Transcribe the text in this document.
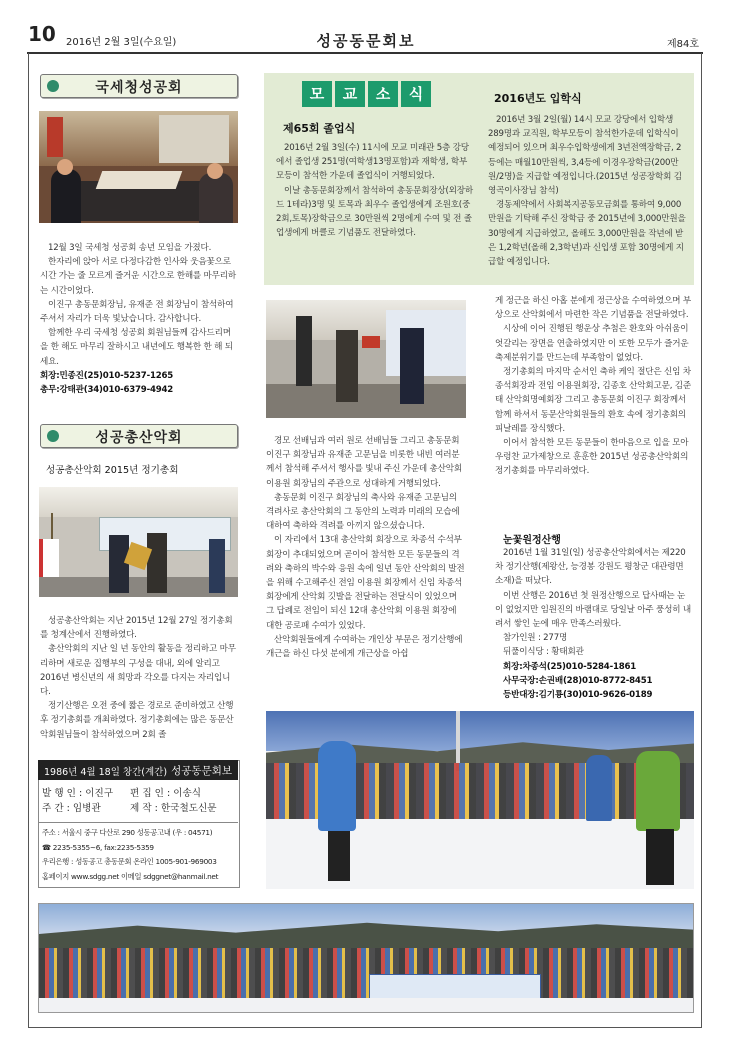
10 2016년 2월 3일(수요일)	성공동문회보	제84호
국세청성공회

12월 3일 국세청 성공회 송년 모임을 가졌다.

한자리에 앉아 서로 다정다감한 인사와 웃음꽃으로 시간 가는 줄 모르게 즐거운 시간으로 한해를 마무리하는 시간이었다.

이진구 총동문회장님, 유재준 전 회장님이 참석하여 주셔서 자리가 더욱 빛났습니다. 감사합니다.

함께한 우리 국세청 성공회 회원님들께 감사드리며 을 한 해도 마무리 잘하시고 내년에도 행복한 한 해 되세요.

회장:민종진(25)010-5237-1265
총무:강태관(34)010-6379-4942
성공총산악회
성공총산악회 2015년 정기총회

성공총산악회는 지난 2015년 12월 27일 정기총회를 청계산에서 진행하였다.

총산악회의 지난 일 년 동안의 활동을 정리하고 마무리하며 새로운 집행부의 구성을 대내, 외에 알리고 2016년 병신년의 새 희망과 각오를 다지는 자리입니다.

정기산행은 오전 중에 짧은 경로로 준비하였고 산행 후 정기총회를 개최하였다. 정기총회에는 많은 동문산악회원님들이 참석하였으며 2회 졸

1986년 4월 18일 창간(계간) 성공동문회보
발 행 인 : 이진구 편 집 인 : 이송식
주 간 : 임병관	제 작 : 한국철도신문
주소 : 서울시 중구 다산로 290 성동공고내 (우 : 04571)
☎ 2235-5355~6, fax:2235-5359
우리은행 : 성동공고 총동문회 온라인 1005-901-969003
홈페이지 www.sdgg.net 이메일 sdggnet@hanmail.net
모	교	소	식
제65회 졸업식

2016년 2월 3일(수) 11시에 모교 미래관 5층 강당에서 졸업생 251명(여학생13명포함)과 재학생, 학부모등이 참석한 가운데 졸업식이 거행되었다.

이날 총동문회장께서 참석하여 총동문회장상(외장하드 1테라)3명 및 토목과 최우수 졸업생에게 조원호(중2회,토목)장학금으로 30만원씩 2명에게 수여 및 전 졸업생에게 버클로 기념품도 전달하였다.

2016년도 입학식

2016년 3월 2일(월) 14시 모교 강당에서 입학생 289명과 교직원, 학부모등이 참석한가운데 입학식이 예정되어 있으며 최우수입학생에게 3년전액장학금, 2등에는 매월10만원씩, 3,4등에 이경우장학금(200만원/2명)을 지급할 예정입니다.(2015년 성공장학회 김영곡이사장님 참석)

경동제약에서 사회복지공동모금회를 통하여 9,000만원을 기탁해 주신 장학금 중 2015년에 3,000만원을 30명에게 지급하였고, 올해도 3,000만원을 작년에 받은 1,2학년(올해 2,3학년)과 신입생 포함 30명에게 지급할 예정입니다.

경모 선배님과 여러 원로 선배님들 그리고 총동문회 이진구 회장님과 유재준 고문님을 비롯한 내빈 여러분께서 참석해 주셔서 행사를 빛내 주신 가운데 총산악회 이용원 회장님의 주관으로 성대하게 거행되었다.

총동문회 이진구 회장님의 축사와 유재준 고문님의 격려사로 총산악회의 그 동안의 노력과 미래의 모습에 대하여 축하와 격려를 아끼지 않으셨습니다.

이 자리에서 13대 총산악회 회장으로 차종석 수석부회장이 추대되었으며 곧이어 참석한 모든 동문들의 격려와 축하의 박수와 응원 속에 일년 동안 산악회의 발전을 위해 수고해주신 전임 이용원 회장께서 신임 차종석 회장에게 산악회 깃발을 전달하는 전달식이 있었으며 그 답례로 전임이 되신 12대 총산악회 이용원 회장에 대한 공로패 수여가 있었다.

산악회원들에게 수여하는 개인상 부문은 정기산행에 개근을 하신 다섯 분에게 개근상을 아쉽

게 정근을 하신 아홉 분에게 정근상을 수여하였으며 부상으로 산악회에서 마련한 작은 기념품을 전달하였다.

시상에 이어 진행된 행운상 추첨은 환호와 아쉬움이 엇갈리는 장면을 연출하였지만 이 또한 모두가 즐거운 축제분위기를 만드는데 부족함이 없었다.

정기총회의 마지막 순서인 축하 케익 절단은 신임 차종석회장과 전임 이용원회장, 김종호 산악회고문, 김준태 산악회명예회장 그리고 총동문회 이진구 회장께서 함께 하셔서 동문산악회원들의 환호 속에 정기총회의 피날레를 장식했다.

이어서 참석한 모든 동문들이 한마음으로 입을 모아 우렁찬 교가제창으로 훈훈한 2015년 성공총산악회의 정기총회를 마무리하였다.

눈꽃원정산행

2016년 1월 31일(일) 성공총산악회에서는 제220차 정기산행(제왕산, 능경봉 강원도 평창군 대관령면 소재)을 떠났다.

이번 산행은 2016년 첫 원정산행으로 답사때는 눈이 없었지만 임원진의 바램대로 당일날 아주 풍성히 내려서 쌓인 눈에 매우 만족스러웠다.

참가인원 : 277명
뒤풀이식당 : 황태회관
회장:차종석(25)010-5284-1861
사무국장:손권배(28)010-8772-8451
등반대장:김기룡(30)010-9626-0189
